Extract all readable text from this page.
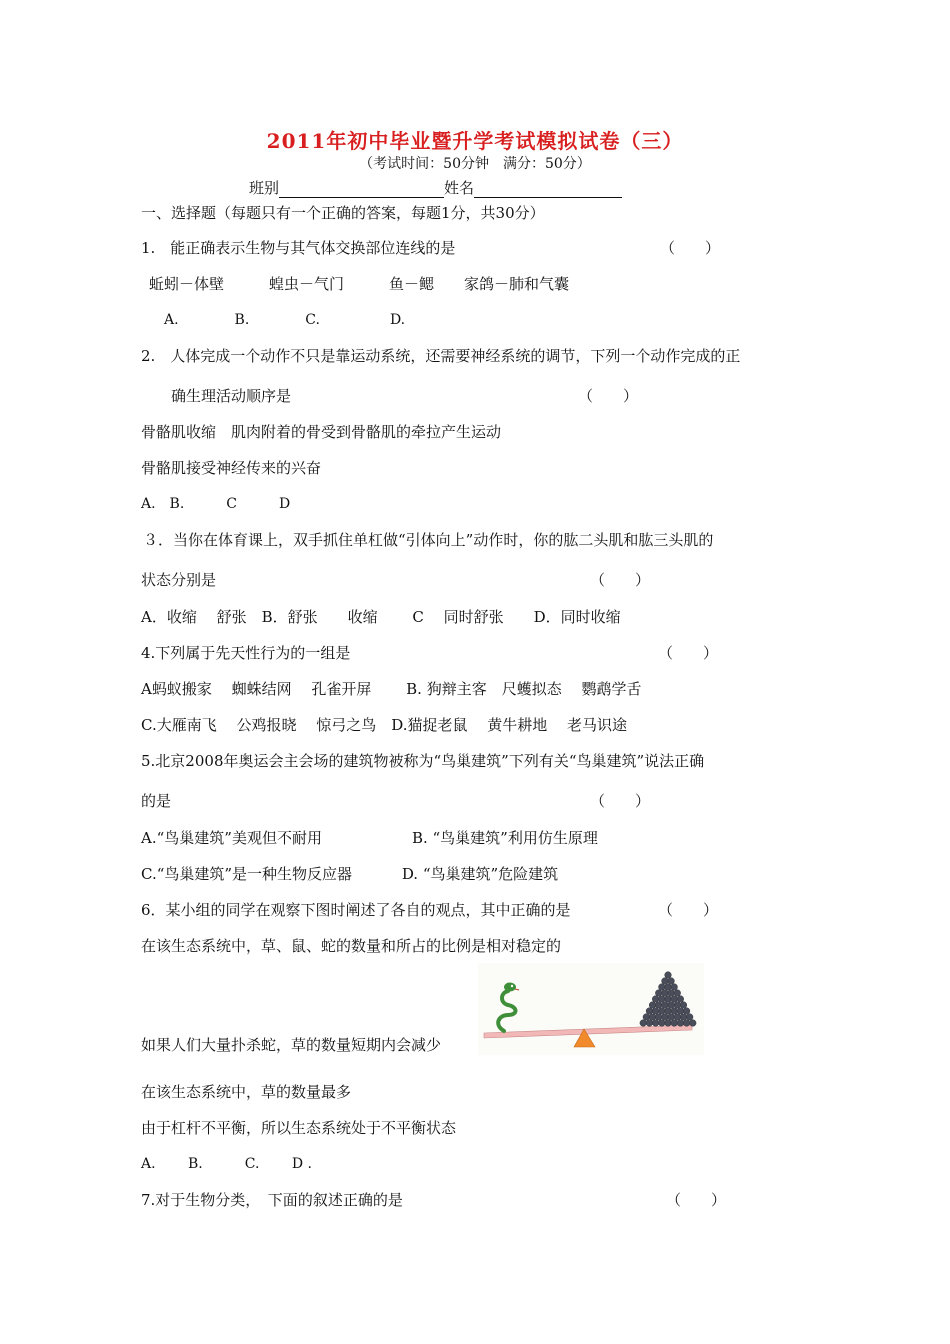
2011年初中毕业暨升学考试模拟试卷（三）
（考试时间：50分钟　满分：50分）
班别	姓名
一、选择题（每题只有一个正确的答案，每题1分，共30分）
1.　能正确表示生物与其气体交换部位连线的是	（　　）
蚯蚓－体壁　　　蝗虫－气门　　　鱼－鳃　　家鸽－肺和气囊
A.　　　　B.　　　　C.　　　　　D.
2.　人体完成一个动作不只是靠运动系统，还需要神经系统的调节，下列一个动作完成的正
确生理活动顺序是	（　　）
骨骼肌收缩　肌肉附着的骨受到骨骼肌的牵拉产生运动
骨骼肌接受神经传来的兴奋
A.　B.　　　C　　　D
３．当你在体育课上，双手抓住单杠做“引体向上”动作时，你的肱二头肌和肱三头肌的
状态分别是	（　　）
A．收缩　 舒张　B．舒张　　收缩　　 C　 同时舒张　　D．同时收缩
4.下列属于先天性行为的一组是	（　　）
A蚂蚁搬家　 蜘蛛结网　 孔雀开屏　　 B. 狗辩主客　尺蠖拟态　 鹦鹉学舌
C.大雁南飞　 公鸡报晓　 惊弓之鸟　D.猫捉老鼠　 黄牛耕地　 老马识途
5.北京2008年奥运会主会场的建筑物被称为“鸟巢建筑”下列有关“鸟巢建筑”说法正确
的是	（　　）
A.“鸟巢建筑”美观但不耐用　　　　　　B. “鸟巢建筑”利用仿生原理
C.“鸟巢建筑”是一种生物反应器　　　 D. “鸟巢建筑”危险建筑
6．某小组的同学在观察下图时阐述了各自的观点，其中正确的是	（　　）
在该生态系统中，草、鼠、蛇的数量和所占的比例是相对稳定的
如果人们大量扑杀蛇，草的数量短期内会减少
在该生态系统中，草的数量最多
由于杠杆不平衡，所以生态系统处于不平衡状态
A.　　 B.　　　C.　　 D .
7.对于生物分类，　下面的叙述正确的是	（　　）
